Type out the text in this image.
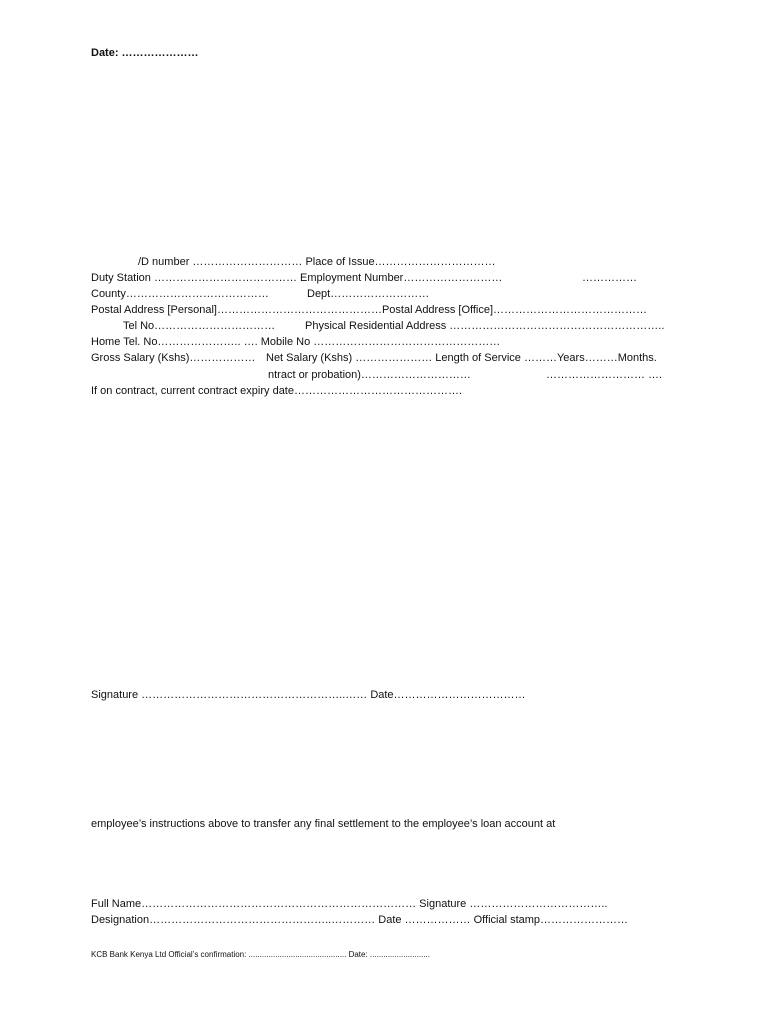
Date: …………………
/D number ………………………… Place of Issue……………………………
Duty Station ………………………………… Employment Number………………………	……………
County…………………………………	Dept………………………
Postal Address [Personal]………………………………………Postal Address [Office]……………………………………
Tel No……………………………	Physical Residential Address …………………………………………………..
Home Tel. No………………….. …. Mobile No ……………………………………………
Gross Salary (Kshs)……………… Net Salary (Kshs) ………………… Length of Service ………Years………Months.
ntract or probation)…………………………	……………………… ….
If on contract, current contract expiry date……………………………………….
Signature ………………………………………………..…… Date………………………………
employee’s instructions above to transfer any final settlement to the employee’s loan account at
Full Name………………………………………………………………… Signature ………………………………..
Designation…………………………………………..………… Date ……………… Official stamp……………………
KCB Bank Kenya Ltd Official’s confirmation: ............................................ Date: ...........................
